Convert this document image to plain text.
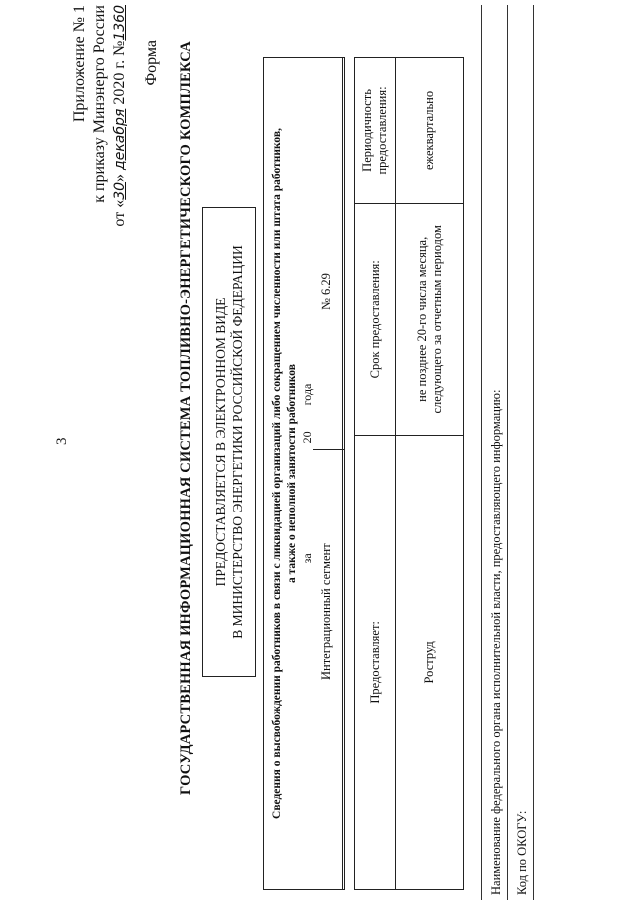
3
Приложение № 1 к приказу Минэнерго России
от «30» декабря 2020 г. №1360
Форма ГОСУДАРСТВЕННАЯ ИНФОРМАЦИОННАЯ СИСТЕМА ТОПЛИВНО-ЭНЕРГЕТИЧЕСКОГО КОМПЛЕКСА ПРЕДОСТАВЛЯЕТСЯ В ЭЛЕКТРОННОМ ВИДЕ В МИНИСТЕРСТВО ЭНЕРГЕТИКИ РОССИЙСКОЙ ФЕДЕРАЦИИ Сведения о высвобождении работников в связи с ликвидацией организаций либо сокращением численности или штата работников, а также о неполной занятости работников за20года
Интеграционный сегмент
№ 6.29
Предоставляет:	Срок предоставления:	Периодичность предоставления:
Роструд	не позднее 20-го числа месяца, следующего за отчетным периодом	ежеквартально
Наименование федерального органа исполнительной власти, предоставляющего информацию: Код по ОКОГУ:
